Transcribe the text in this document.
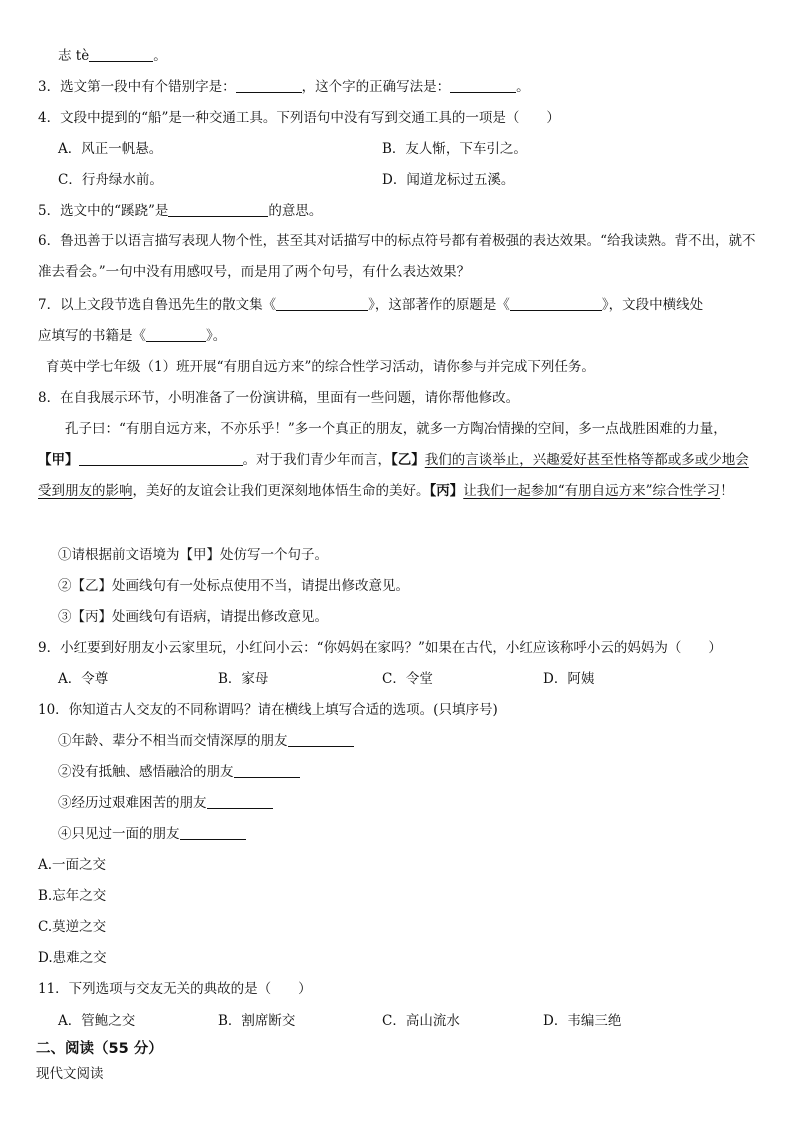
志 tè	。
3．选文第一段中有个错别字是：	，这个字的正确写法是：	。
4．文段中提到的“船”是一种交通工具。下列语句中没有写到交通工具的一项是（　　）
A．风正一帆悬。	B．友人惭，下车引之。
C．行舟绿水前。	D．闻道龙标过五溪。
5．选文中的“蹊跷”是	的意思。
6．鲁迅善于以语言描写表现人物个性，甚至其对话描写中的标点符号都有着极强的表达效果。“给我读熟。背不出，就不准去看会。”一句中没有用感叹号，而是用了两个句号，有什么表达效果？
7．以上文段节选自鲁迅先生的散文集《	》，这部著作的原题是《	》，文段中横线处
应填写的书籍是《	》。
育英中学七年级（1）班开展“有朋自远方来”的综合性学习活动，请你参与并完成下列任务。
8．在自我展示环节，小明准备了一份演讲稿，里面有一些问题，请你帮他修改。
孔子曰：“有朋自远方来，不亦乐乎！”多一个真正的朋友，就多一方陶冶情操的空间，多一点战胜困难的力量，【甲】	。对于我们青少年而言，【乙】我们的言谈举止，兴趣爱好甚至性格等都或多或少地会受到朋友的影响，美好的友谊会让我们更深刻地体悟生命的美好。【丙】让我们一起参加“有朋自远方来”综合性学习！
①请根据前文语境为【甲】处仿写一个句子。
②【乙】处画线句有一处标点使用不当，请提出修改意见。
③【丙】处画线句有语病，请提出修改意见。
9．小红要到好朋友小云家里玩，小红问小云：“你妈妈在家吗？”如果在古代，小红应该称呼小云的妈妈为（　　）
A．令尊	B．家母	C．令堂	D．阿姨
10．你知道古人交友的不同称谓吗？请在横线上填写合适的选项。(只填序号)
①年龄、辈分不相当而交情深厚的朋友
②没有抵触、感悟融洽的朋友
③经历过艰难困苦的朋友
④只见过一面的朋友
A.一面之交
B.忘年之交
C.莫逆之交
D.患难之交
11．下列选项与交友无关的典故的是（　　）
A．管鲍之交	B．割席断交	C．高山流水	D．韦编三绝
二、阅读（55 分）
现代文阅读
